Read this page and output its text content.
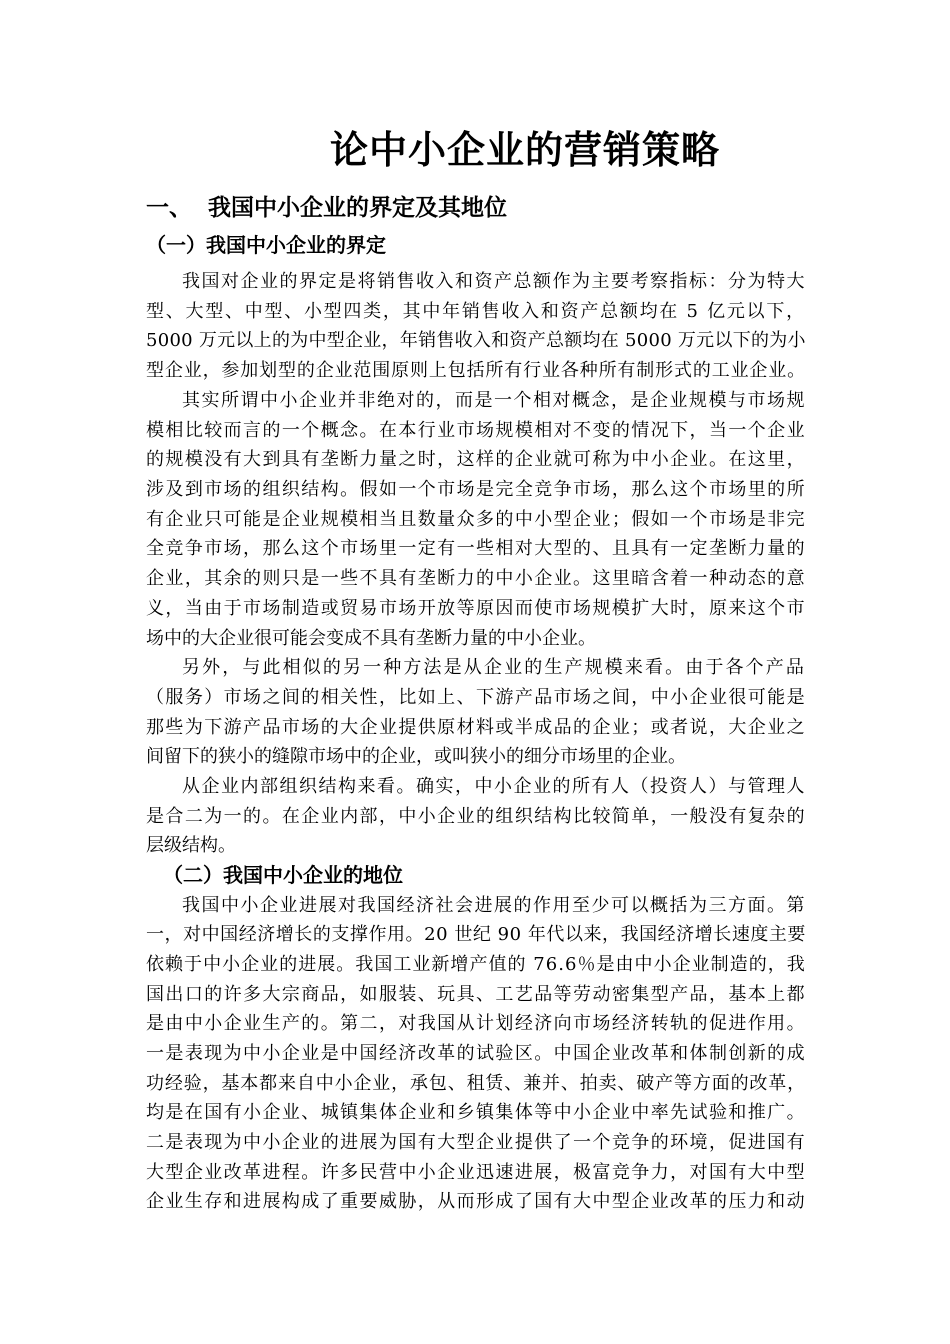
论中小企业的营销策略
一、 我国中小企业的界定及其地位
（一）我国中小企业的界定
我国对企业的界定是将销售收入和资产总额作为主要考察指标：分为特大
型、大型、中型、小型四类，其中年销售收入和资产总额均在 5 亿元以下，
5000 万元以上的为中型企业，年销售收入和资产总额均在 5000 万元以下的为小
型企业，参加划型的企业范围原则上包括所有行业各种所有制形式的工业企业。
其实所谓中小企业并非绝对的，而是一个相对概念，是企业规模与市场规
模相比较而言的一个概念。在本行业市场规模相对不变的情况下，当一个企业
的规模没有大到具有垄断力量之时，这样的企业就可称为中小企业。在这里，
涉及到市场的组织结构。假如一个市场是完全竞争市场，那么这个市场里的所
有企业只可能是企业规模相当且数量众多的中小型企业；假如一个市场是非完
全竞争市场，那么这个市场里一定有一些相对大型的、且具有一定垄断力量的
企业，其余的则只是一些不具有垄断力的中小企业。这里暗含着一种动态的意
义，当由于市场制造或贸易市场开放等原因而使市场规模扩大时，原来这个市
场中的大企业很可能会变成不具有垄断力量的中小企业。
另外，与此相似的另一种方法是从企业的生产规模来看。由于各个产品
（服务）市场之间的相关性，比如上、下游产品市场之间，中小企业很可能是
那些为下游产品市场的大企业提供原材料或半成品的企业；或者说，大企业之
间留下的狭小的缝隙市场中的企业，或叫狭小的细分市场里的企业。
从企业内部组织结构来看。确实，中小企业的所有人（投资人）与管理人
是合二为一的。在企业内部，中小企业的组织结构比较简单，一般没有复杂的
层级结构。
（二）我国中小企业的地位
我国中小企业进展对我国经济社会进展的作用至少可以概括为三方面。第
一，对中国经济增长的支撑作用。20 世纪 90 年代以来，我国经济增长速度主要
依赖于中小企业的进展。我国工业新增产值的 76.6％是由中小企业制造的，我
国出口的许多大宗商品，如服装、玩具、工艺品等劳动密集型产品，基本上都
是由中小企业生产的。第二，对我国从计划经济向市场经济转轨的促进作用。
一是表现为中小企业是中国经济改革的试验区。中国企业改革和体制创新的成
功经验，基本都来自中小企业，承包、租赁、兼并、拍卖、破产等方面的改革，
均是在国有小企业、城镇集体企业和乡镇集体等中小企业中率先试验和推广。
二是表现为中小企业的进展为国有大型企业提供了一个竞争的环境，促进国有
大型企业改革进程。许多民营中小企业迅速进展，极富竞争力，对国有大中型
企业生存和进展构成了重要威胁，从而形成了国有大中型企业改革的压力和动
